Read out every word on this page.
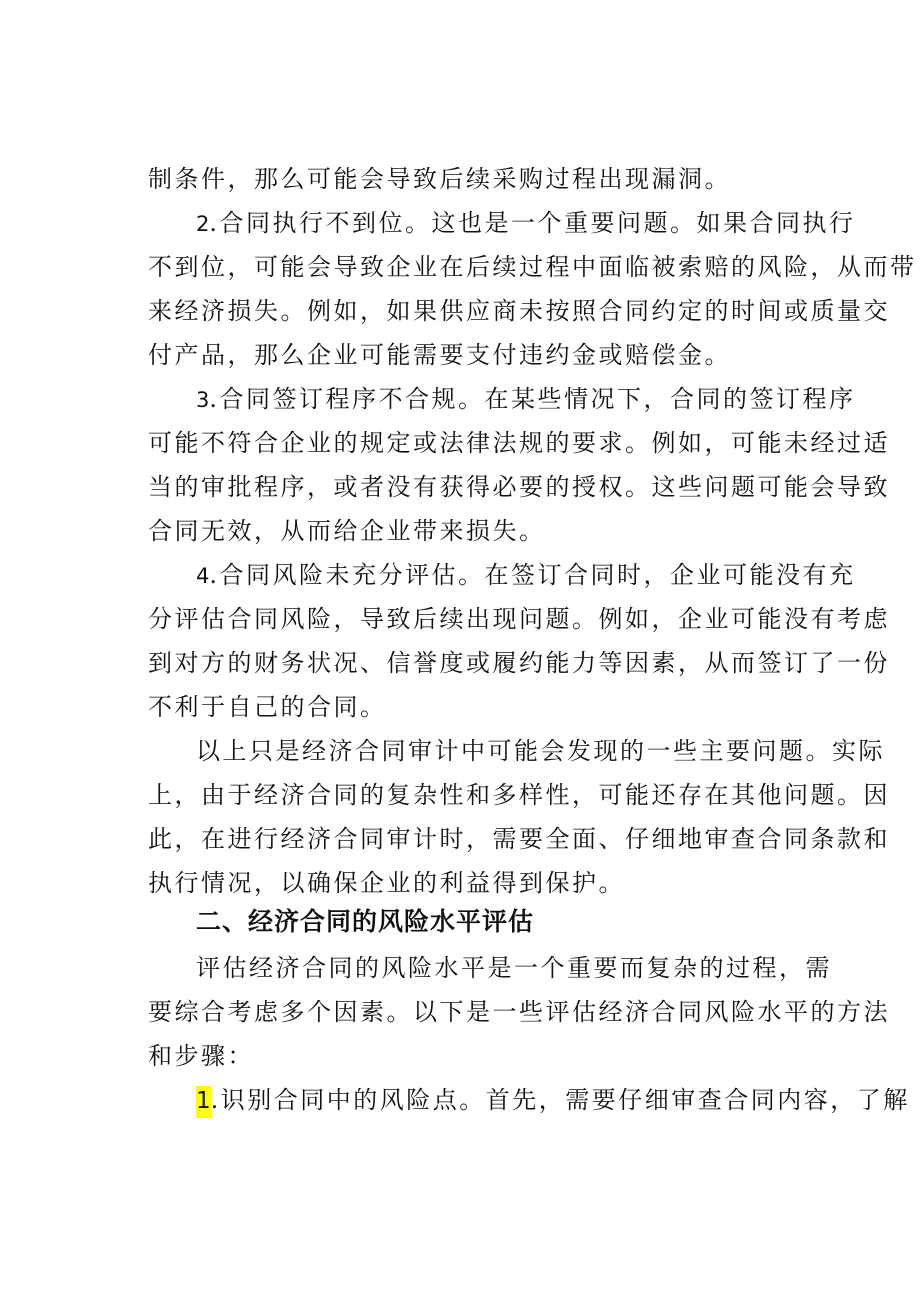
制条件，那么可能会导致后续采购过程出现漏洞。
2.合同执行不到位。这也是一个重要问题。如果合同执行
不到位，可能会导致企业在后续过程中面临被索赔的风险，从而带
来经济损失。例如，如果供应商未按照合同约定的时间或质量交
付产品，那么企业可能需要支付违约金或赔偿金。
3.合同签订程序不合规。在某些情况下，合同的签订程序
可能不符合企业的规定或法律法规的要求。例如，可能未经过适
当的审批程序，或者没有获得必要的授权。这些问题可能会导致
合同无效，从而给企业带来损失。
4.合同风险未充分评估。在签订合同时，企业可能没有充
分评估合同风险，导致后续出现问题。例如，企业可能没有考虑
到对方的财务状况、信誉度或履约能力等因素，从而签订了一份
不利于自己的合同。
以上只是经济合同审计中可能会发现的一些主要问题。实际
上，由于经济合同的复杂性和多样性，可能还存在其他问题。因
此，在进行经济合同审计时，需要全面、仔细地审查合同条款和
执行情况，以确保企业的利益得到保护。
二、经济合同的风险水平评估
评估经济合同的风险水平是一个重要而复杂的过程，需
要综合考虑多个因素。以下是一些评估经济合同风险水平的方法
和步骤：
1.识别合同中的风险点。首先，需要仔细审查合同内容，了解
